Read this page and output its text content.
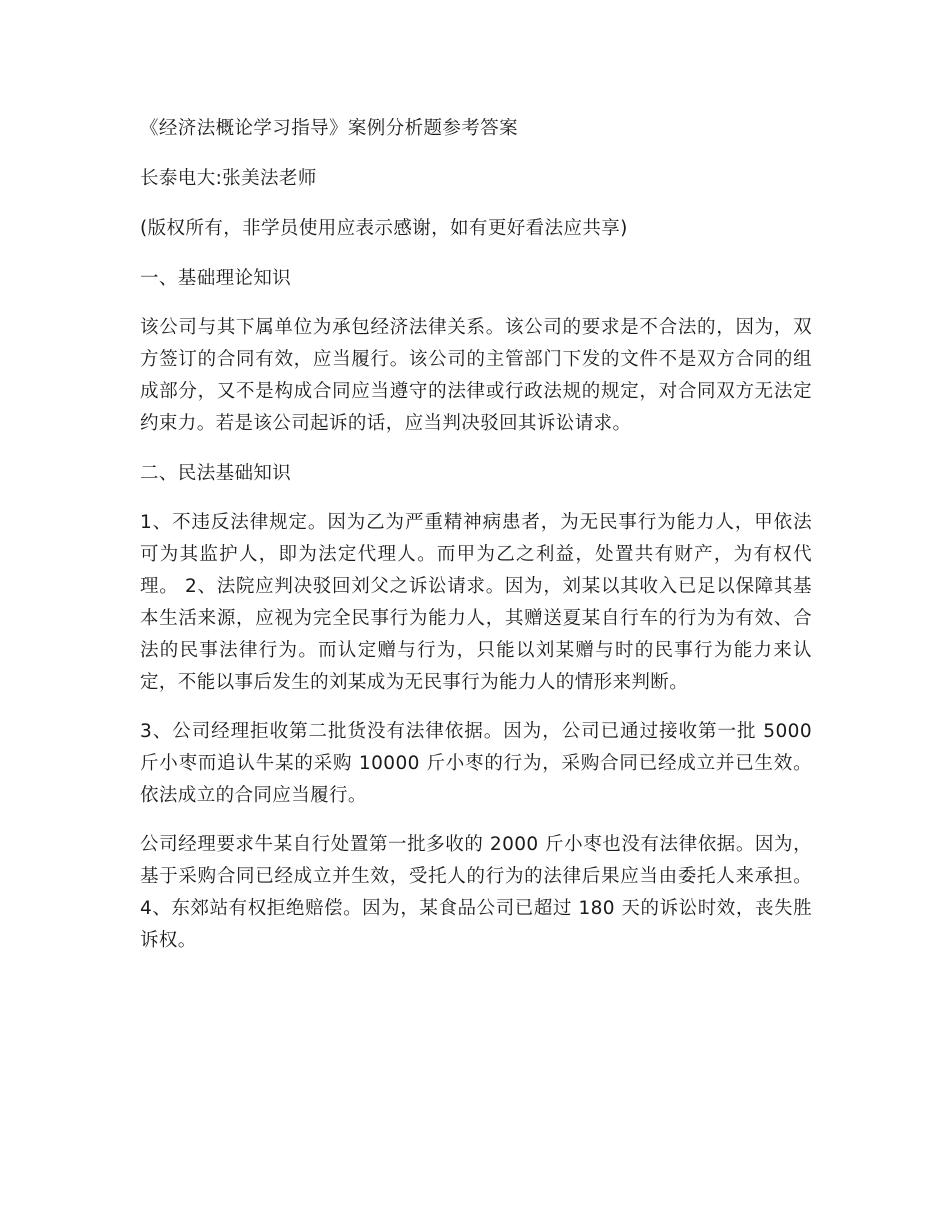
《经济法概论学习指导》案例分析题参考答案

长泰电大:张美法老师

(版权所有，非学员使用应表示感谢，如有更好看法应共享)

一、基础理论知识

该公司与其下属单位为承包经济法律关系。该公司的要求是不合法的，因为，双方签订的合同有效，应当履行。该公司的主管部门下发的文件不是双方合同的组成部分，又不是构成合同应当遵守的法律或行政法规的规定，对合同双方无法定约束力。若是该公司起诉的话，应当判决驳回其诉讼请求。

二、民法基础知识

1、不违反法律规定。因为乙为严重精神病患者，为无民事行为能力人，甲依法可为其监护人，即为法定代理人。而甲为乙之利益，处置共有财产，为有权代理。 2、法院应判决驳回刘父之诉讼请求。因为，刘某以其收入已足以保障其基本生活来源，应视为完全民事行为能力人，其赠送夏某自行车的行为为有效、合法的民事法律行为。而认定赠与行为，只能以刘某赠与时的民事行为能力来认定，不能以事后发生的刘某成为无民事行为能力人的情形来判断。

3、公司经理拒收第二批货没有法律依据。因为，公司已通过接收第一批 5000 斤小枣而追认牛某的采购 10000 斤小枣的行为，采购合同已经成立并已生效。依法成立的合同应当履行。

公司经理要求牛某自行处置第一批多收的 2000 斤小枣也没有法律依据。因为，基于采购合同已经成立并生效，受托人的行为的法律后果应当由委托人来承担。 4、东郊站有权拒绝赔偿。因为，某食品公司已超过 180 天的诉讼时效，丧失胜诉权。
